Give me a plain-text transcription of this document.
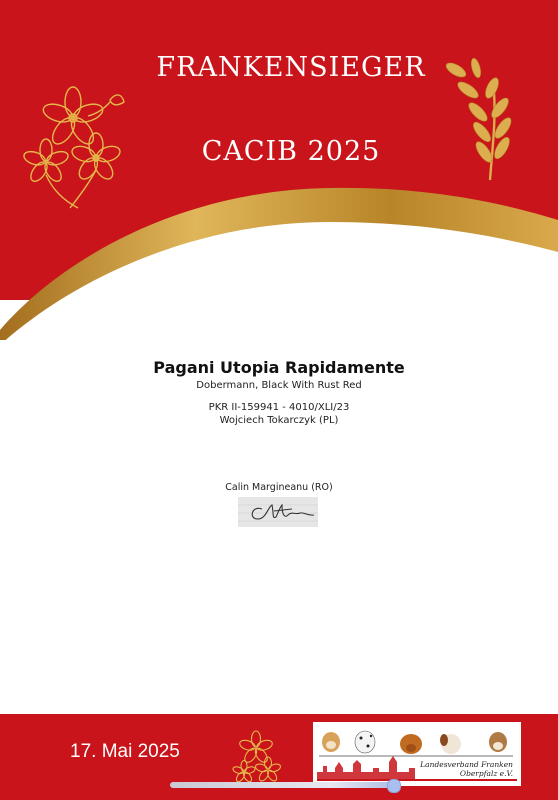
FRANKENSIEGER
CACIB 2025
Pagani Utopia Rapidamente
Dobermann, Black With Rust Red
PKR II-159941 - 4010/XLI/23
Wojciech Tokarczyk (PL)
Calin Margineanu (RO)
17. Mai 2025
Landesverband Franken
Oberpfalz e.V.
